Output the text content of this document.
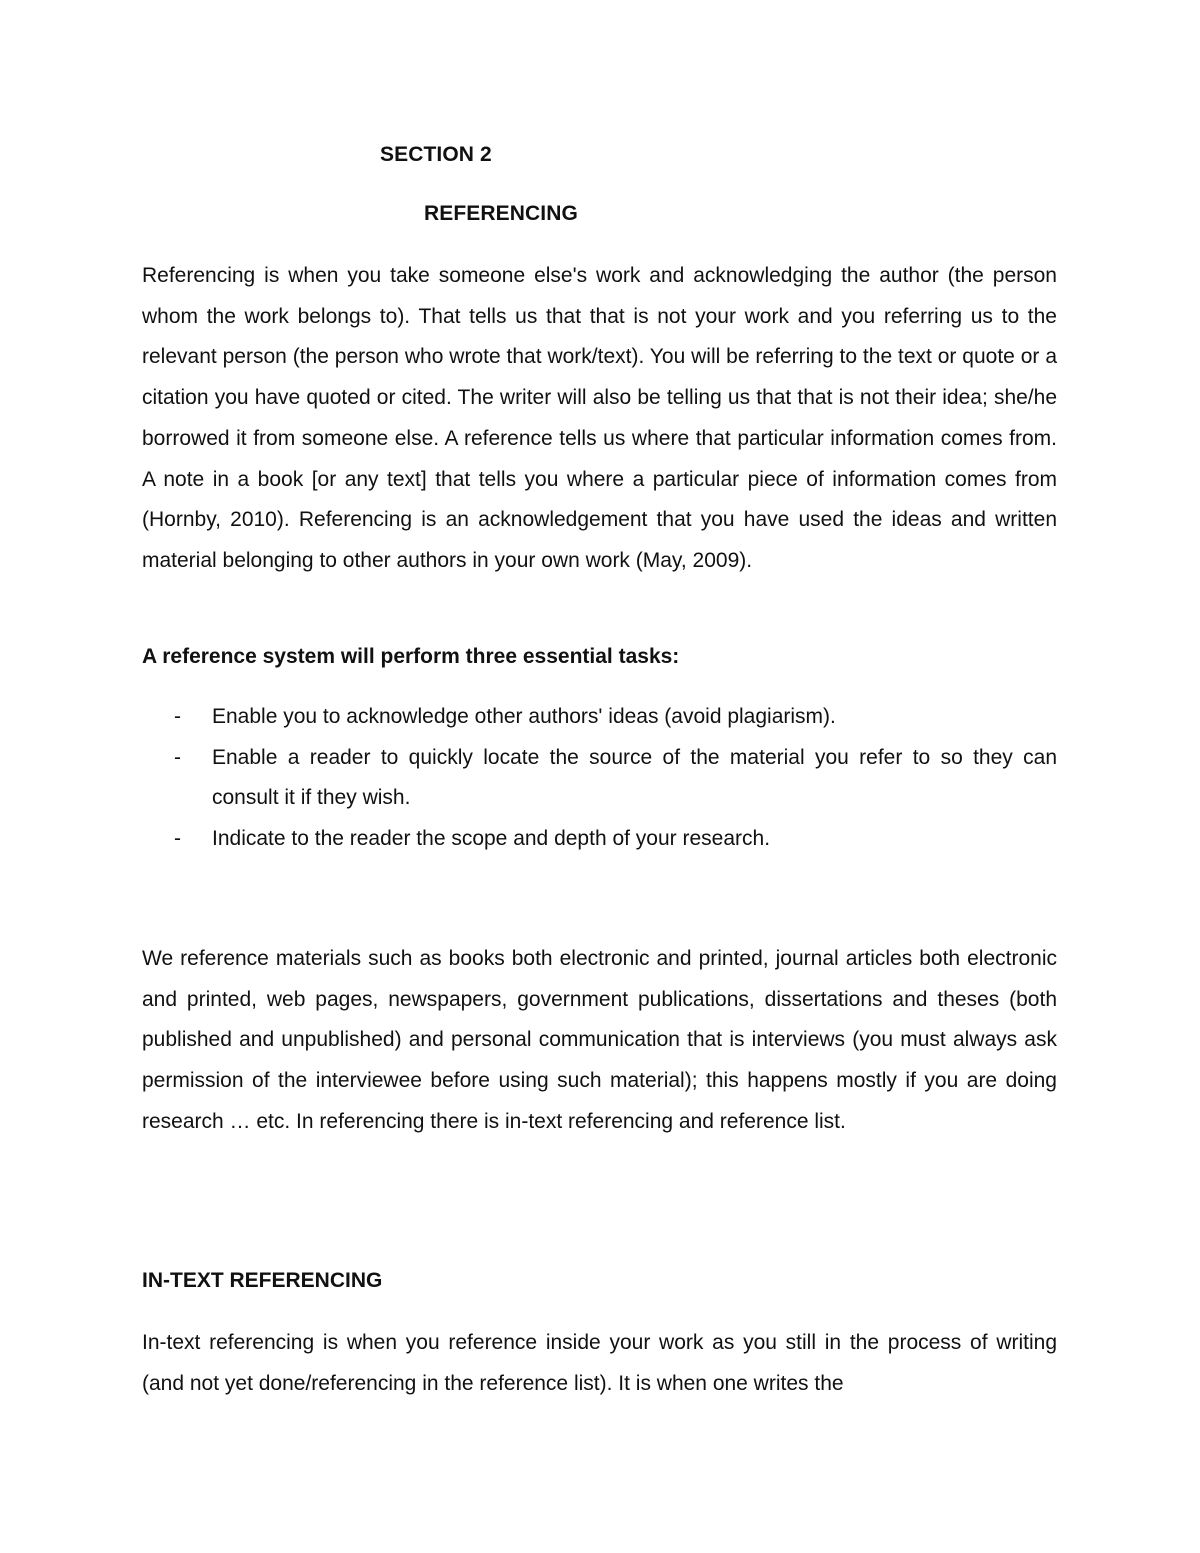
SECTION 2
REFERENCING

Referencing is when you take someone else's work and acknowledging the author (the person whom the work belongs to). That tells us that that is not your work and you referring us to the relevant person (the person who wrote that work/text). You will be referring to the text or quote or a citation you have quoted or cited. The writer will also be telling us that that is not their idea; she/he borrowed it from someone else. A reference tells us where that particular information comes from. A note in a book [or any text] that tells you where a particular piece of information comes from (Hornby, 2010). Referencing is an acknowledgement that you have used the ideas and written material belonging to other authors in your own work (May, 2009).

A reference system will perform three essential tasks:

- Enable you to acknowledge other authors' ideas (avoid plagiarism).
- Enable a reader to quickly locate the source of the material you refer to so they can consult it if they wish.
- Indicate to the reader the scope and depth of your research.

We reference materials such as books both electronic and printed, journal articles both electronic and printed, web pages, newspapers, government publications, dissertations and theses (both published and unpublished) and personal communication that is interviews (you must always ask permission of the interviewee before using such material); this happens mostly if you are doing research … etc. In referencing there is in-text referencing and reference list.

IN-TEXT REFERENCING

In-text referencing is when you reference inside your work as you still in the process of writing (and not yet done/referencing in the reference list). It is when one writes the
